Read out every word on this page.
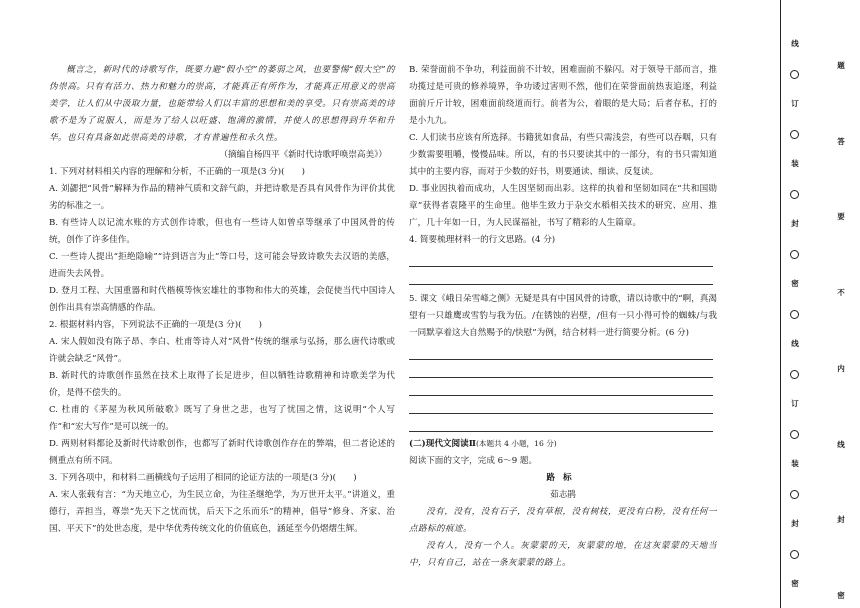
概言之，新时代的诗歌写作，既要力避“假小空”的萎弱之风，也要警惕“假大空”的伪崇高。只有有活力、热力和魅力的崇高，才能真正有所作为，才能真正用意义的崇高美学，让人们从中汲取力量，也能带给人们以丰富的思想和美的享受。只有崇高美的诗歌不是为了说服人，而是为了给人以旺盛、饱满的激情，并使人的思想得到升华和升华。也只有具备如此崇高美的诗歌，才有普遍性和永久性。

（摘编自杨四平《新时代诗歌呼唤崇高美》）

1. 下列对材料相关内容的理解和分析，不正确的一项是(3 分)(　　)

A. 刘勰把“风骨”解释为作品的精神气质和文辞气韵，并把诗歌是否具有风骨作为评价其优劣的标准之一。

B. 有些诗人以记流水账的方式创作诗歌，但也有一些诗人如曾卓等继承了中国风骨的传统，创作了许多佳作。

C. 一些诗人提出“拒绝隐喻”“诗到语言为止”等口号，这可能会导致诗歌失去汉语的美感，进而失去风骨。

D. 登月工程、大国重器和时代楷模等恢宏雄壮的事物和伟大的英雄，会促使当代中国诗人创作出具有崇高情感的作品。

2. 根据材料内容，下列说法不正确的一项是(3 分)(　　)

A. 宋人假如没有陈子昂、李白、杜甫等诗人对“风骨”传统的继承与弘扬，那么唐代诗歌或许就会缺乏“风骨”。

B. 新时代的诗歌创作虽然在技术上取得了长足进步，但以牺牲诗歌精神和诗歌美学为代价，是得不偿失的。

C. 杜甫的《茅屋为秋风所破歌》既写了身世之悲，也写了忧国之情，这说明“个人写作”和“宏大写作”是可以统一的。

D. 两则材料都论及新时代诗歌创作，也都写了新时代诗歌创作存在的弊端，但二者论述的侧重点有所不同。

3. 下列各项中，和材料二画横线句子运用了相同的论证方法的一项是(3 分)(　　)

A. 宋人张载有言：“为天地立心，为生民立命，为往圣继绝学，为万世开太平。”讲道义，重德行，弄担当，尊崇“先天下之忧而忧，后天下之乐而乐”的精神，倡导“修身、齐家、治国、平天下”的处世态度，是中华优秀传统文化的价值底色，涵延至今仍熠熠生辉。

B. 荣誉面前不争功，利益面前不计较，困难面前不躲闪。对于领导干部而言，推功揽过是可贵的修养境界，争功诿过害则不然，他们在荣誉面前热衷追逐，利益面前斤斤计较，困难面前绕道而行。前者为公，着眼的是大局；后者存私，打的是小九九。

C. 人们读书应该有所选择。书籍犹如食品，有些只需浅尝，有些可以吞咽，只有少数需要咀嚼，慢慢品味。所以，有的书只要读其中的一部分，有的书只需知道其中的主要内容，而对于少数的好书，则要通读、细读、反复读。

D. 事业因执着而成功，人生因坚韧而出彩。这样的执着和坚韧如同在“共和国勋章”获得者袁隆平的生命里。他毕生致力于杂交水稻相关技术的研究、应用、推广，几十年如一日，为人民谋福祉，书写了精彩的人生篇章。

4. 简要梳理材料一的行文思路。(4 分)

5. 课文《峨日朵雪峰之侧》无疑是具有中国风骨的诗歌，请以诗歌中的“啊，真渴望有一只雄鹰或雪豹与我为伍。/在锈蚀的岩壁，/但有一只小得可怜的蜘蛛/与我一同默享着这大自然赐予的/快慰”为例，结合材料一进行简要分析。(6 分)

(二)现代文阅读Ⅱ(本题共 4 小题，16 分)

阅读下面的文字，完成 6～9 题。

路标

茹志鹃

没有，没有，没有石子，没有草根，没有树枝，更没有白粉，没有任何一点路标的痕迹。

没有人，没有一个人。灰蒙蒙的天，灰蒙蒙的地，在这灰蒙蒙的天地当中，只有自己，站在一条灰蒙蒙的路上。

线
订
装
封
密
线
订
装
封
密
题
答
要
不
内
线
封
密
